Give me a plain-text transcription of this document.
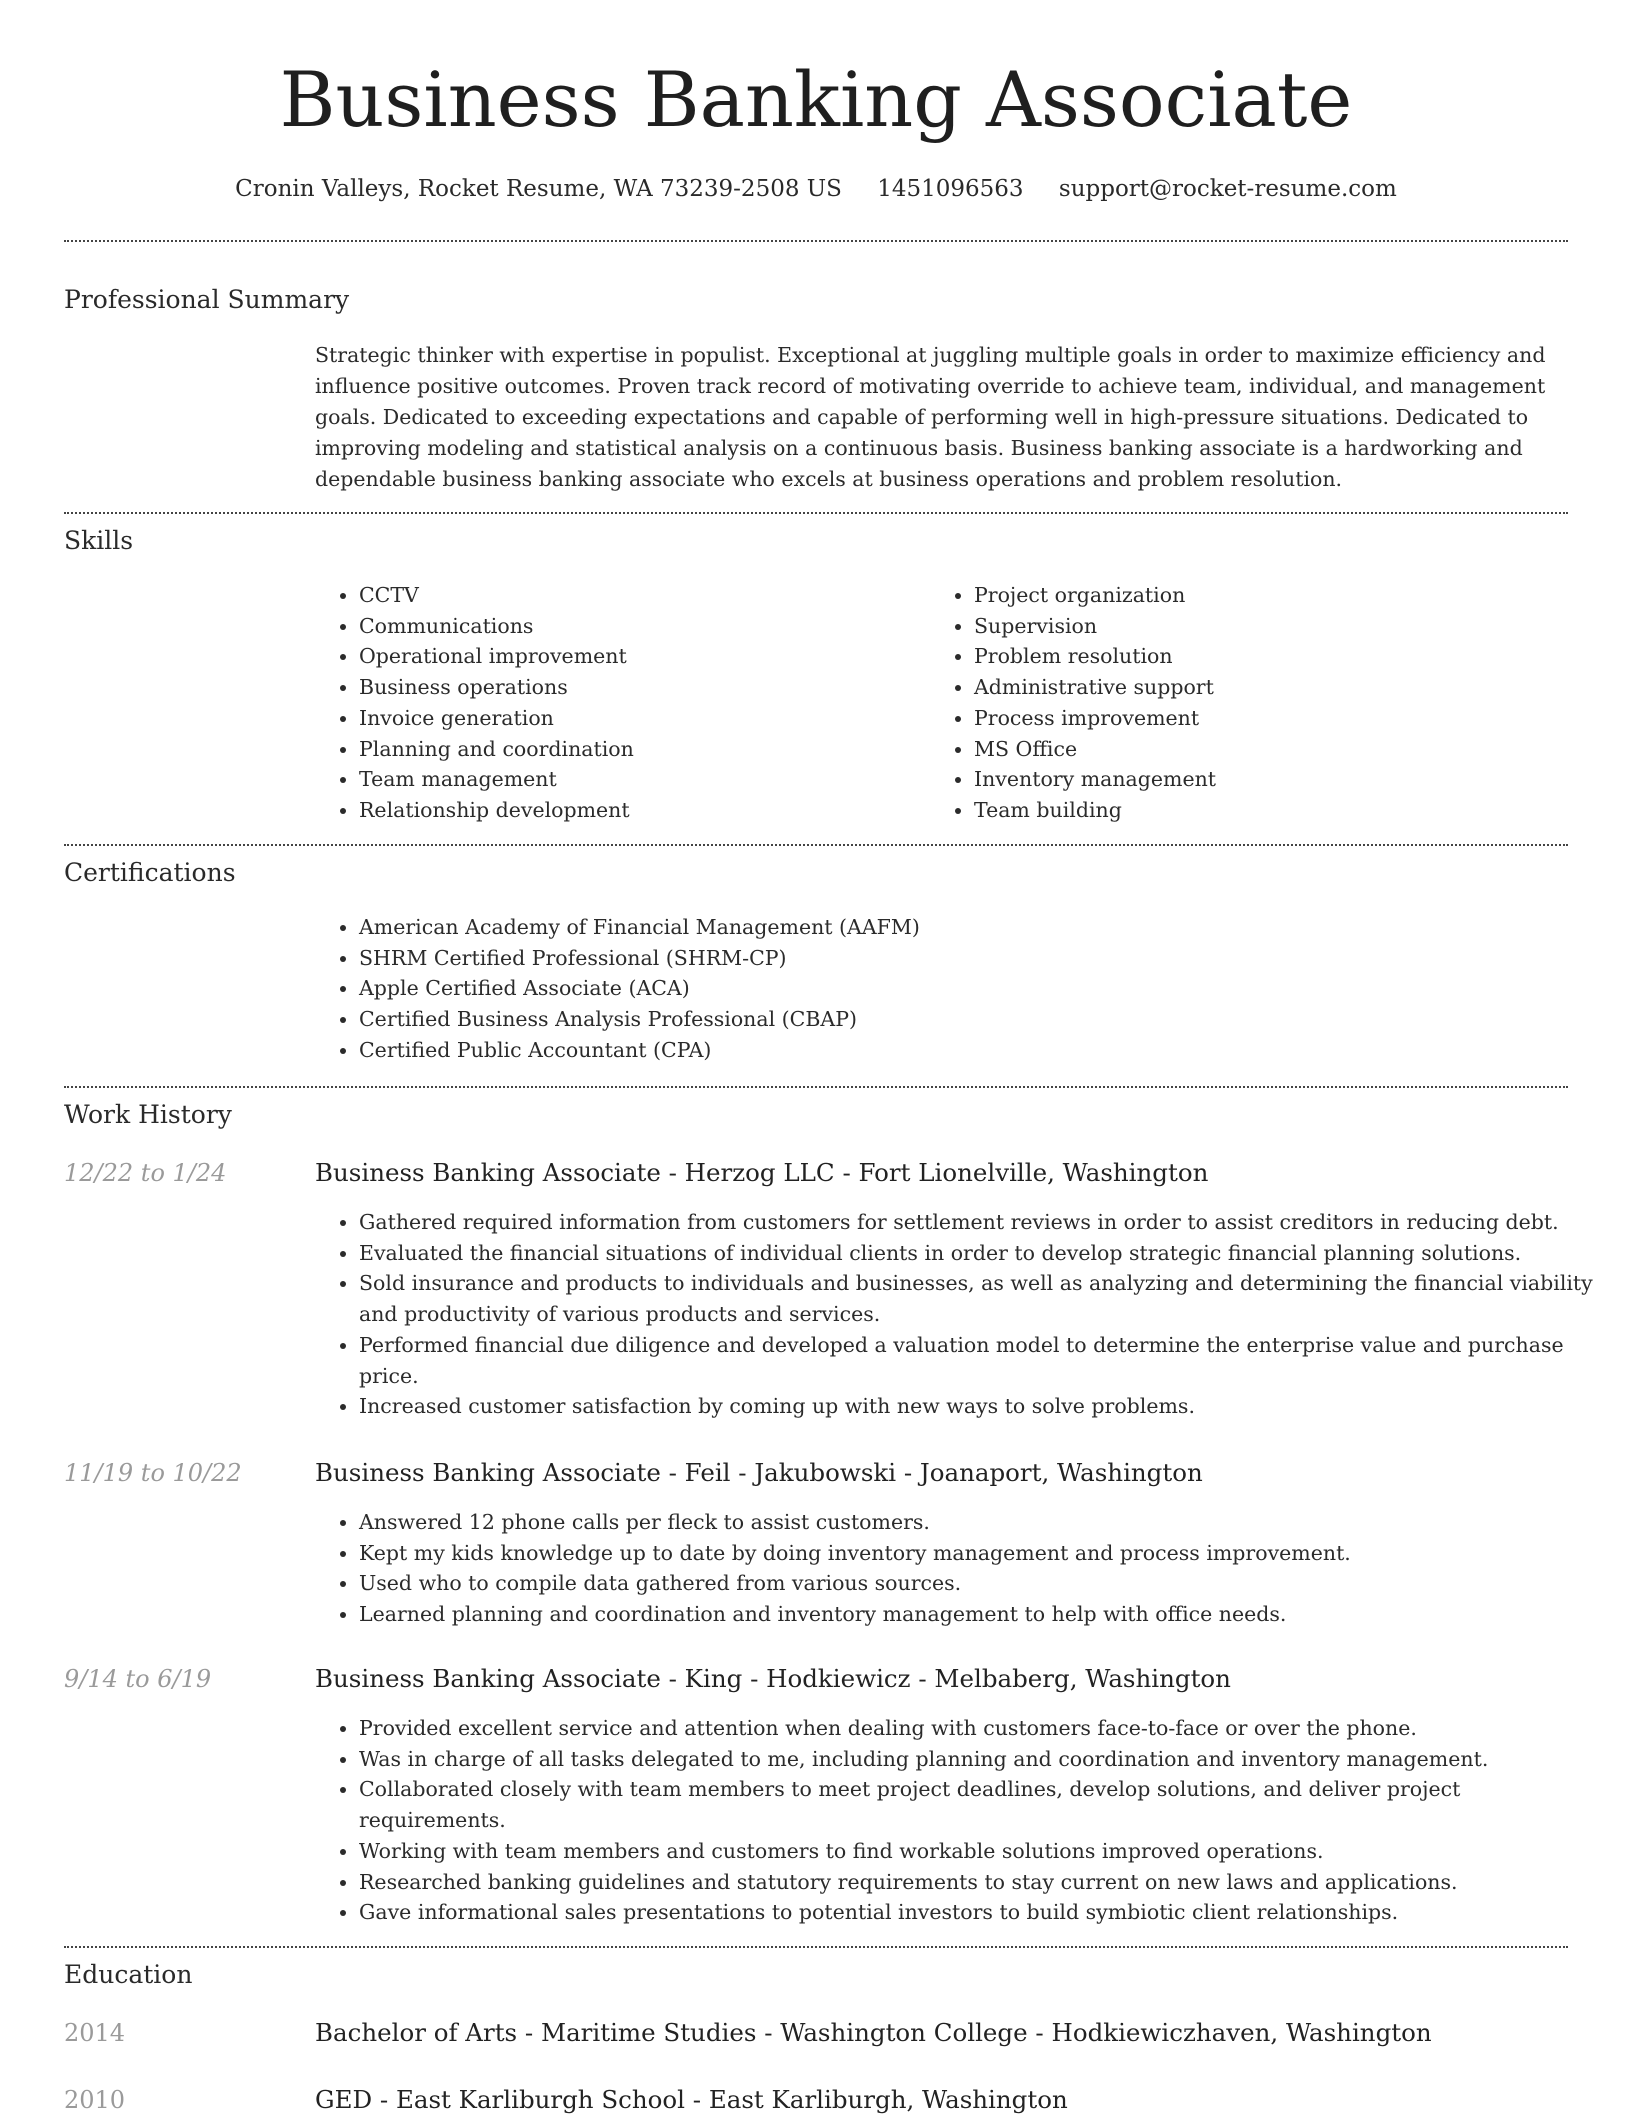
Business Banking Associate
Cronin Valleys, Rocket Resume, WA 73239-2508 US 1451096563 support@rocket-resume.com
Professional Summary

Strategic thinker with expertise in populist. Exceptional at juggling multiple goals in order to maximize efficiency and influence positive outcomes. Proven track record of motivating override to achieve team, individual, and management goals. Dedicated to exceeding expectations and capable of performing well in high-pressure situations. Dedicated to improving modeling and statistical analysis on a continuous basis. Business banking associate is a hardworking and dependable business banking associate who excels at business operations and problem resolution.

Skills
• CCTV
• Communications
• Operational improvement
• Business operations
• Invoice generation
• Planning and coordination
• Team management
• Relationship development
• Project organization
• Supervision
• Problem resolution
• Administrative support
• Process improvement
• MS Office
• Inventory management
• Team building
Certifications
• American Academy of Financial Management (AAFM)
• SHRM Certified Professional (SHRM-CP)
• Apple Certified Associate (ACA)
• Certified Business Analysis Professional (CBAP)
• Certified Public Accountant (CPA)
Work History
12/22 to 1/24	Business Banking Associate - Herzog LLC - Fort Lionelville, Washington
• Gathered required information from customers for settlement reviews in order to assist creditors in reducing debt.
• Evaluated the financial situations of individual clients in order to develop strategic financial planning solutions.
• Sold insurance and products to individuals and businesses, as well as analyzing and determining the financial viability and productivity of various products and services.
• Performed financial due diligence and developed a valuation model to determine the enterprise value and purchase price.
• Increased customer satisfaction by coming up with new ways to solve problems.
11/19 to 10/22	Business Banking Associate - Feil - Jakubowski - Joanaport, Washington
• Answered 12 phone calls per fleck to assist customers.
• Kept my kids knowledge up to date by doing inventory management and process improvement.
• Used who to compile data gathered from various sources.
• Learned planning and coordination and inventory management to help with office needs.
9/14 to 6/19	Business Banking Associate - King - Hodkiewicz - Melbaberg, Washington
• Provided excellent service and attention when dealing with customers face-to-face or over the phone.
• Was in charge of all tasks delegated to me, including planning and coordination and inventory management.
• Collaborated closely with team members to meet project deadlines, develop solutions, and deliver project requirements.
• Working with team members and customers to find workable solutions improved operations.
• Researched banking guidelines and statutory requirements to stay current on new laws and applications.
• Gave informational sales presentations to potential investors to build symbiotic client relationships.
Education
2014	Bachelor of Arts - Maritime Studies - Washington College - Hodkiewiczhaven, Washington
2010	GED - East Karliburgh School - East Karliburgh, Washington
